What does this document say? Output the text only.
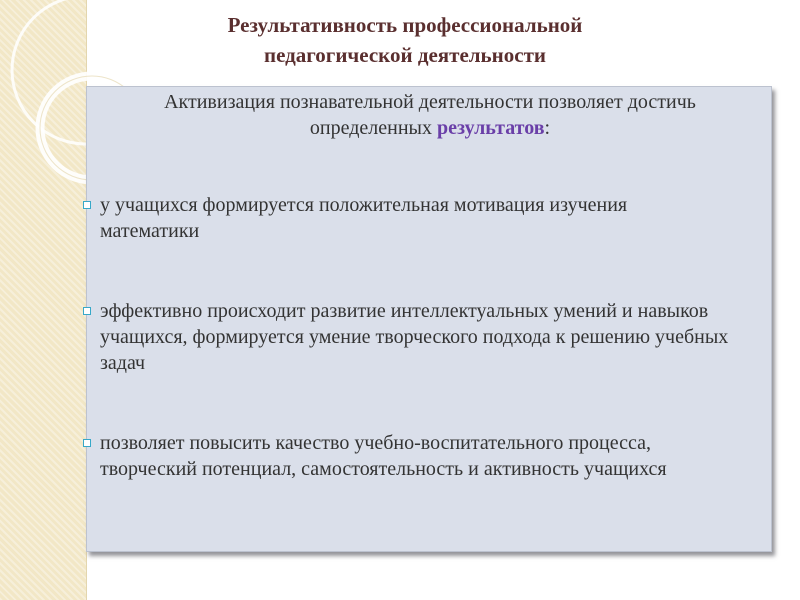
Результативность профессиональной
педагогической деятельности

Активизация познавательной деятельности позволяет достичь определенных результатов:

у учащихся формируется положительная мотивация изучения математики
эффективно происходит развитие интеллектуальных умений и навыков учащихся, формируется умение творческого подхода к решению учебных задач
позволяет повысить качество учебно-воспитательного процесса, творческий потенциал, самостоятельность и активность учащихся
